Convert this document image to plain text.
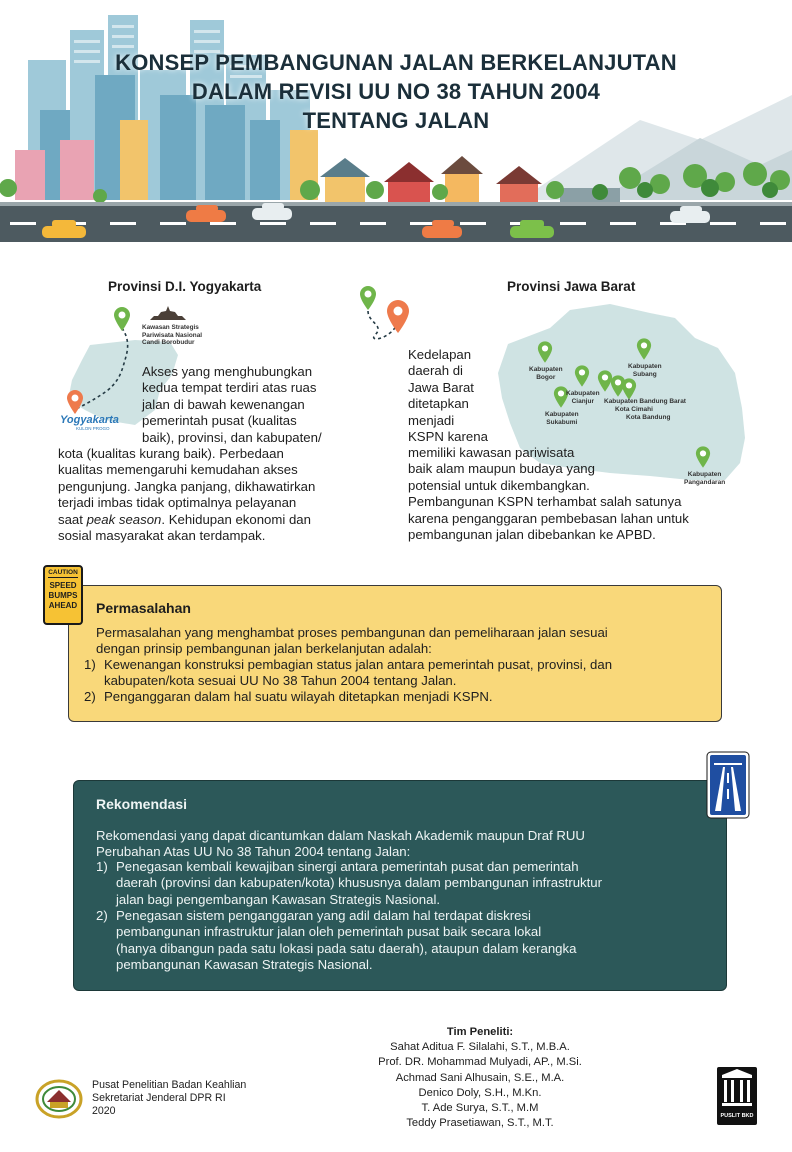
KONSEP PEMBANGUNAN JALAN BERKELANJUTAN
DALAM REVISI UU NO 38 TAHUN 2004
TENTANG JALAN
Provinsi D.I. Yogyakarta
Kawasan Strategis
Pariwisata Nasional
Candi Borobudur
Yogyakarta
KULON PROGO
Akses yang menghubungkan
kedua tempat terdiri atas ruas
jalan di bawah kewenangan
pemerintah pusat (kualitas
baik), provinsi, dan kabupaten/
kota (kualitas kurang baik). Perbedaan
kualitas memengaruhi kemudahan akses
pengunjung. Jangka panjang, dikhawatirkan
terjadi imbas tidak optimalnya pelayanan
saat peak season. Kehidupan ekonomi dan
sosial masyarakat akan terdampak.
Provinsi Jawa Barat
Kabupaten
Bogor
Kabupaten
Subang
Kabupaten
Cianjur
Kabupaten
Sukabumi
Kabupaten Bandung Barat
Kota Cimahi
Kota Bandung
Kabupaten
Pangandaran
Kedelapan
daerah di
Jawa Barat
ditetapkan
menjadi
KSPN karena
memiliki kawasan pariwisata
baik alam maupun budaya yang
potensial untuk dikembangkan.
Pembangunan KSPN terhambat salah satunya
karena penganggaran pembebasan lahan untuk
pembangunan jalan dibebankan ke APBD.
CAUTION
SPEED
BUMPS
AHEAD Permasalahan
Permasalahan yang menghambat proses pembangunan dan pemeliharaan jalan sesuai
dengan prinsip pembangunan jalan berkelanjutan adalah:
1) Kewenangan konstruksi pembagian status jalan antara pemerintah pusat, provinsi, dan
kabupaten/kota sesuai UU No 38 Tahun 2004 tentang Jalan.
2) Penganggaran dalam hal suatu wilayah ditetapkan menjadi KSPN.
Rekomendasi
Rekomendasi yang dapat dicantumkan dalam Naskah Akademik maupun Draf RUU
Perubahan Atas UU No 38 Tahun 2004 tentang Jalan:
1) Penegasan kembali kewajiban sinergi antara pemerintah pusat dan pemerintah
daerah (provinsi dan kabupaten/kota) khususnya dalam pembangunan infrastruktur
jalan bagi pengembangan Kawasan Strategis Nasional.
2) Penegasan sistem penganggaran yang adil dalam hal terdapat diskresi
pembangunan infrastruktur jalan oleh pemerintah pusat baik secara lokal
(hanya dibangun pada satu lokasi pada satu daerah), ataupun dalam kerangka
pembangunan Kawasan Strategis Nasional.
Pusat Penelitian Badan Keahlian
Sekretariat Jenderal DPR RI
2020
Tim Peneliti:
Sahat Aditua F. Silalahi, S.T., M.B.A.
Prof. DR. Mohammad Mulyadi, AP., M.Si.
Achmad Sani Alhusain, S.E., M.A.
Denico Doly, S.H., M.Kn.
T. Ade Surya, S.T., M.M
Teddy Prasetiawan, S.T., M.T.
PUSLIT BKD
